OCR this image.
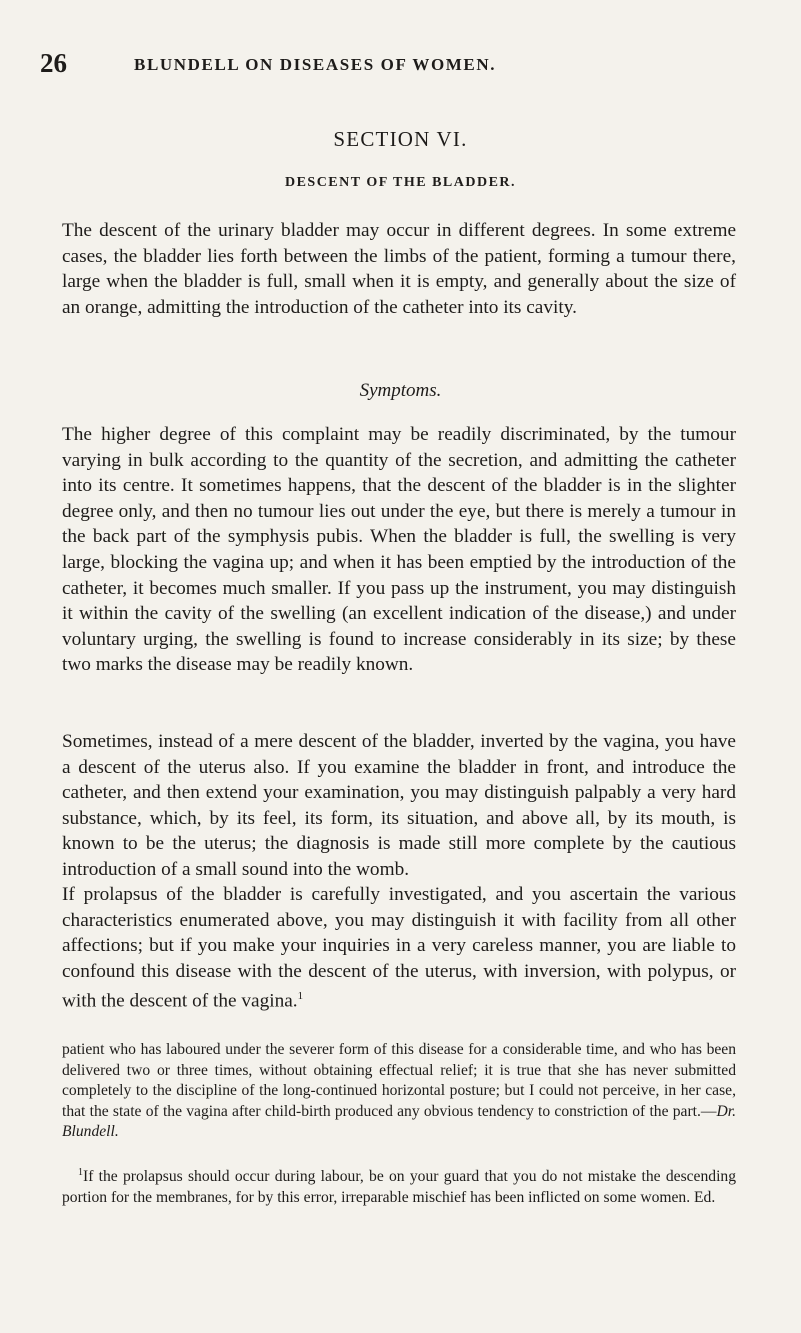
26	BLUNDELL ON DISEASES OF WOMEN.
SECTION VI.
DESCENT OF THE BLADDER.

The descent of the urinary bladder may occur in different degrees. In some extreme cases, the bladder lies forth between the limbs of the patient, forming a tumour there, large when the bladder is full, small when it is empty, and generally about the size of an orange, admitting the introduction of the catheter into its cavity.

Symptoms.

The higher degree of this complaint may be readily discriminated, by the tumour varying in bulk according to the quantity of the secretion, and admitting the catheter into its centre. It sometimes happens, that the descent of the bladder is in the slighter degree only, and then no tumour lies out under the eye, but there is merely a tumour in the back part of the symphysis pubis. When the bladder is full, the swelling is very large, blocking the vagina up; and when it has been emptied by the introduction of the catheter, it becomes much smaller. If you pass up the instrument, you may distinguish it within the cavity of the swelling (an excellent indication of the disease,) and under voluntary urging, the swelling is found to increase considerably in its size; by these two marks the disease may be readily known.

Sometimes, instead of a mere descent of the bladder, inverted by the vagina, you have a descent of the uterus also. If you examine the bladder in front, and introduce the catheter, and then extend your examination, you may distinguish palpably a very hard substance, which, by its feel, its form, its situation, and above all, by its mouth, is known to be the uterus; the diagnosis is made still more complete by the cautious introduction of a small sound into the womb.

If prolapsus of the bladder is carefully investigated, and you ascertain the various characteristics enumerated above, you may distinguish it with facility from all other affections; but if you make your inquiries in a very careless manner, you are liable to confound this disease with the descent of the uterus, with inversion, with polypus, or with the descent of the vagina.$^1$

patient who has laboured under the severer form of this disease for a considerable time, and who has been delivered two or three times, without obtaining effectual relief; it is true that she has never submitted completely to the discipline of the long-continued horizontal posture; but I could not perceive, in her case, that the state of the vagina after child-birth produced any obvious tendency to constriction of the part.—Dr. Blundell.

$^1$If the prolapsus should occur during labour, be on your guard that you do not mistake the descending portion for the membranes, for by this error, irreparable mischief has been inflicted on some women. Ed.
